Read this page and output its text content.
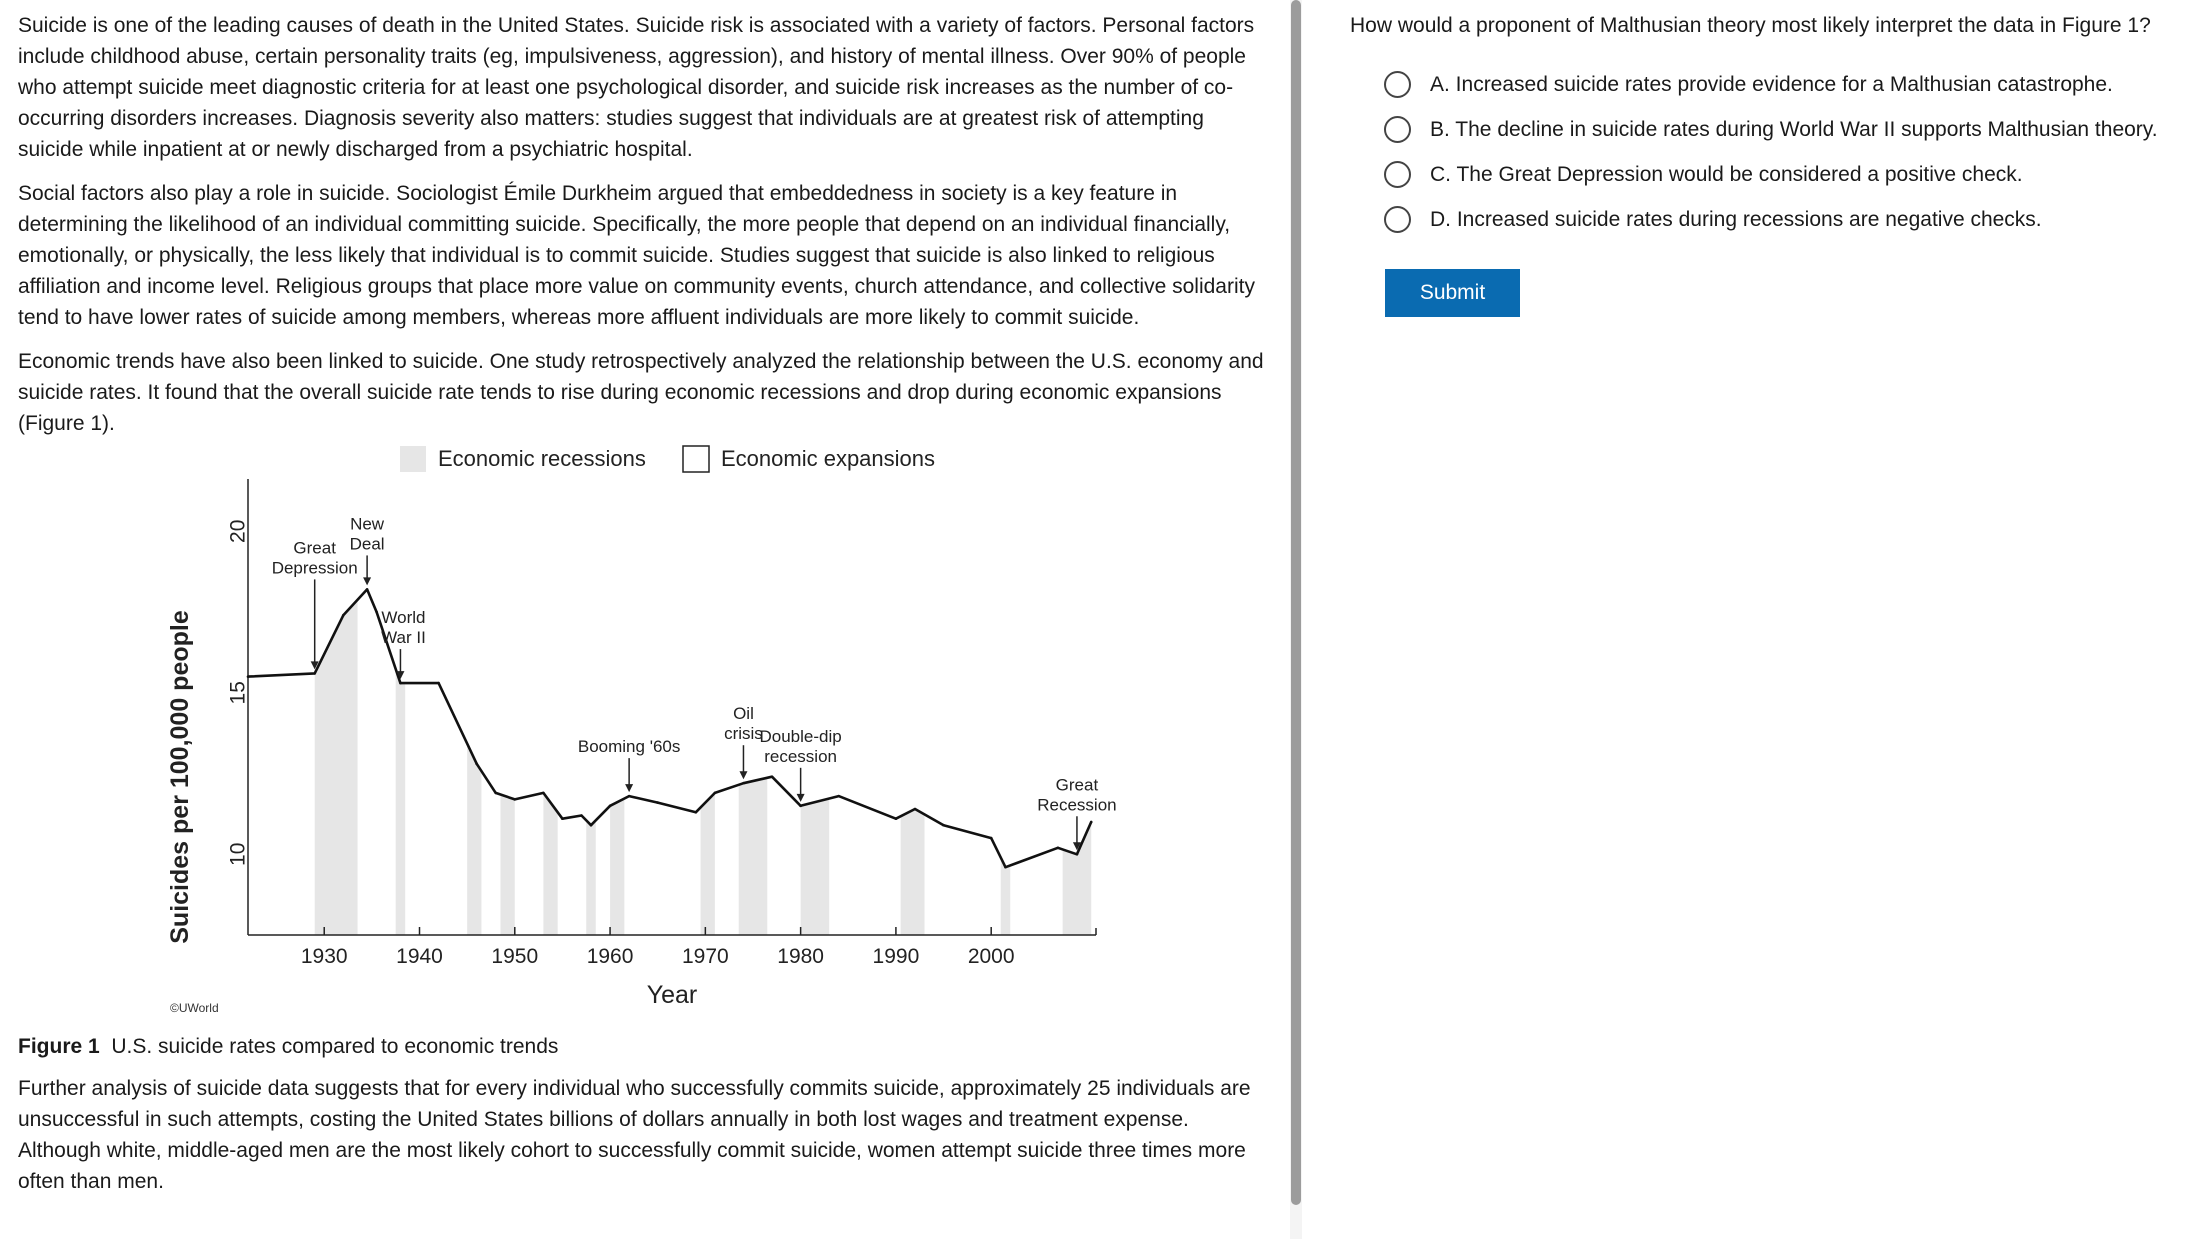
Suicide is one of the leading causes of death in the United States. Suicide risk is associated with a variety of factors. Personal factors include childhood abuse, certain personality traits (eg, impulsiveness, aggression), and history of mental illness. Over 90% of people who attempt suicide meet diagnostic criteria for at least one psychological disorder, and suicide risk increases as the number of co-occurring disorders increases. Diagnosis severity also matters: studies suggest that individuals are at greatest risk of attempting suicide while inpatient at or newly discharged from a psychiatric hospital.

Social factors also play a role in suicide. Sociologist Émile Durkheim argued that embeddedness in society is a key feature in determining the likelihood of an individual committing suicide. Specifically, the more people that depend on an individual financially, emotionally, or physically, the less likely that individual is to commit suicide. Studies suggest that suicide is also linked to religious affiliation and income level. Religious groups that place more value on community events, church attendance, and collective solidarity tend to have lower rates of suicide among members, whereas more affluent individuals are more likely to commit suicide.

Economic trends have also been linked to suicide. One study retrospectively analyzed the relationship between the U.S. economy and suicide rates. It found that the overall suicide rate tends to rise during economic recessions and drop during economic expansions (Figure 1).

1930 1940 1950 1960 1970 1980 1990 2000
10
15
20
Great
Depression
New
Deal
World
War II
Booming '60s
Oil
crisis
Double-dip
recession
Great
Recession
Economic recessions	Economic expansions
Year
Suicides per 100,000 people
©UWorld

Figure 1 U.S. suicide rates compared to economic trends

Further analysis of suicide data suggests that for every individual who successfully commits suicide, approximately 25 individuals are unsuccessful in such attempts, costing the United States billions of dollars annually in both lost wages and treatment expense. Although white, middle-aged men are the most likely cohort to successfully commit suicide, women attempt suicide three times more often than men.

How would a proponent of Malthusian theory most likely interpret the data in Figure 1?
A. Increased suicide rates provide evidence for a Malthusian catastrophe.
B. The decline in suicide rates during World War II supports Malthusian theory.
C. The Great Depression would be considered a positive check.
D. Increased suicide rates during recessions are negative checks.
Submit
